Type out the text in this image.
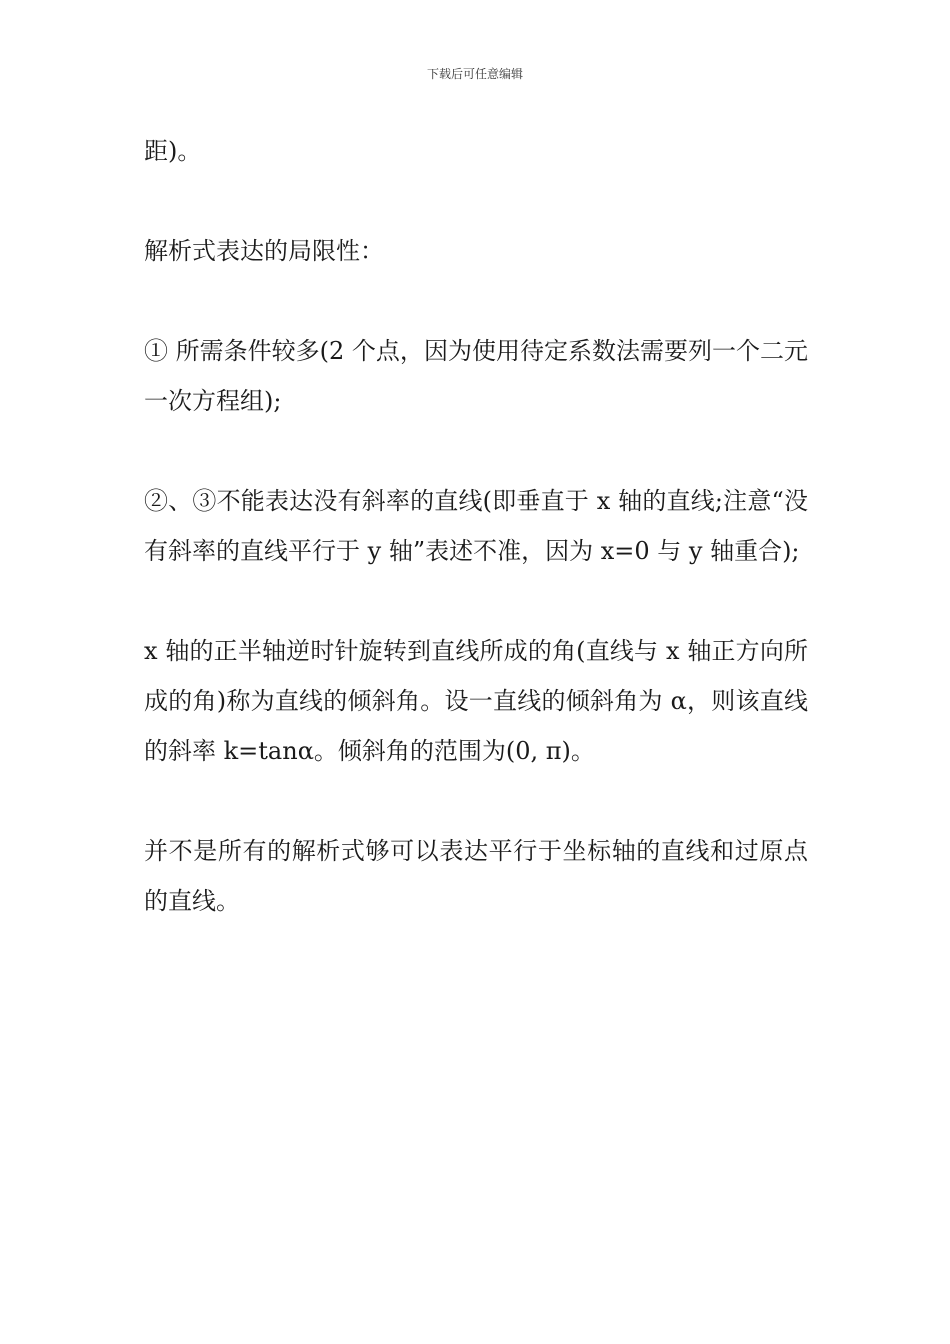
下载后可任意编辑

距)。

解析式表达的局限性：

① 所需条件较多(2 个点，因为使用待定系数法需要列一个二元一次方程组);

②、③不能表达没有斜率的直线(即垂直于 x 轴的直线;注意“没有斜率的直线平行于 y 轴”表述不准，因为 x=0 与 y 轴重合);

x 轴的正半轴逆时针旋转到直线所成的角(直线与 x 轴正方向所成的角)称为直线的倾斜角。设一直线的倾斜角为 α，则该直线的斜率 k=tanα。倾斜角的范围为(0, π)。

并不是所有的解析式够可以表达平行于坐标轴的直线和过原点的直线。
